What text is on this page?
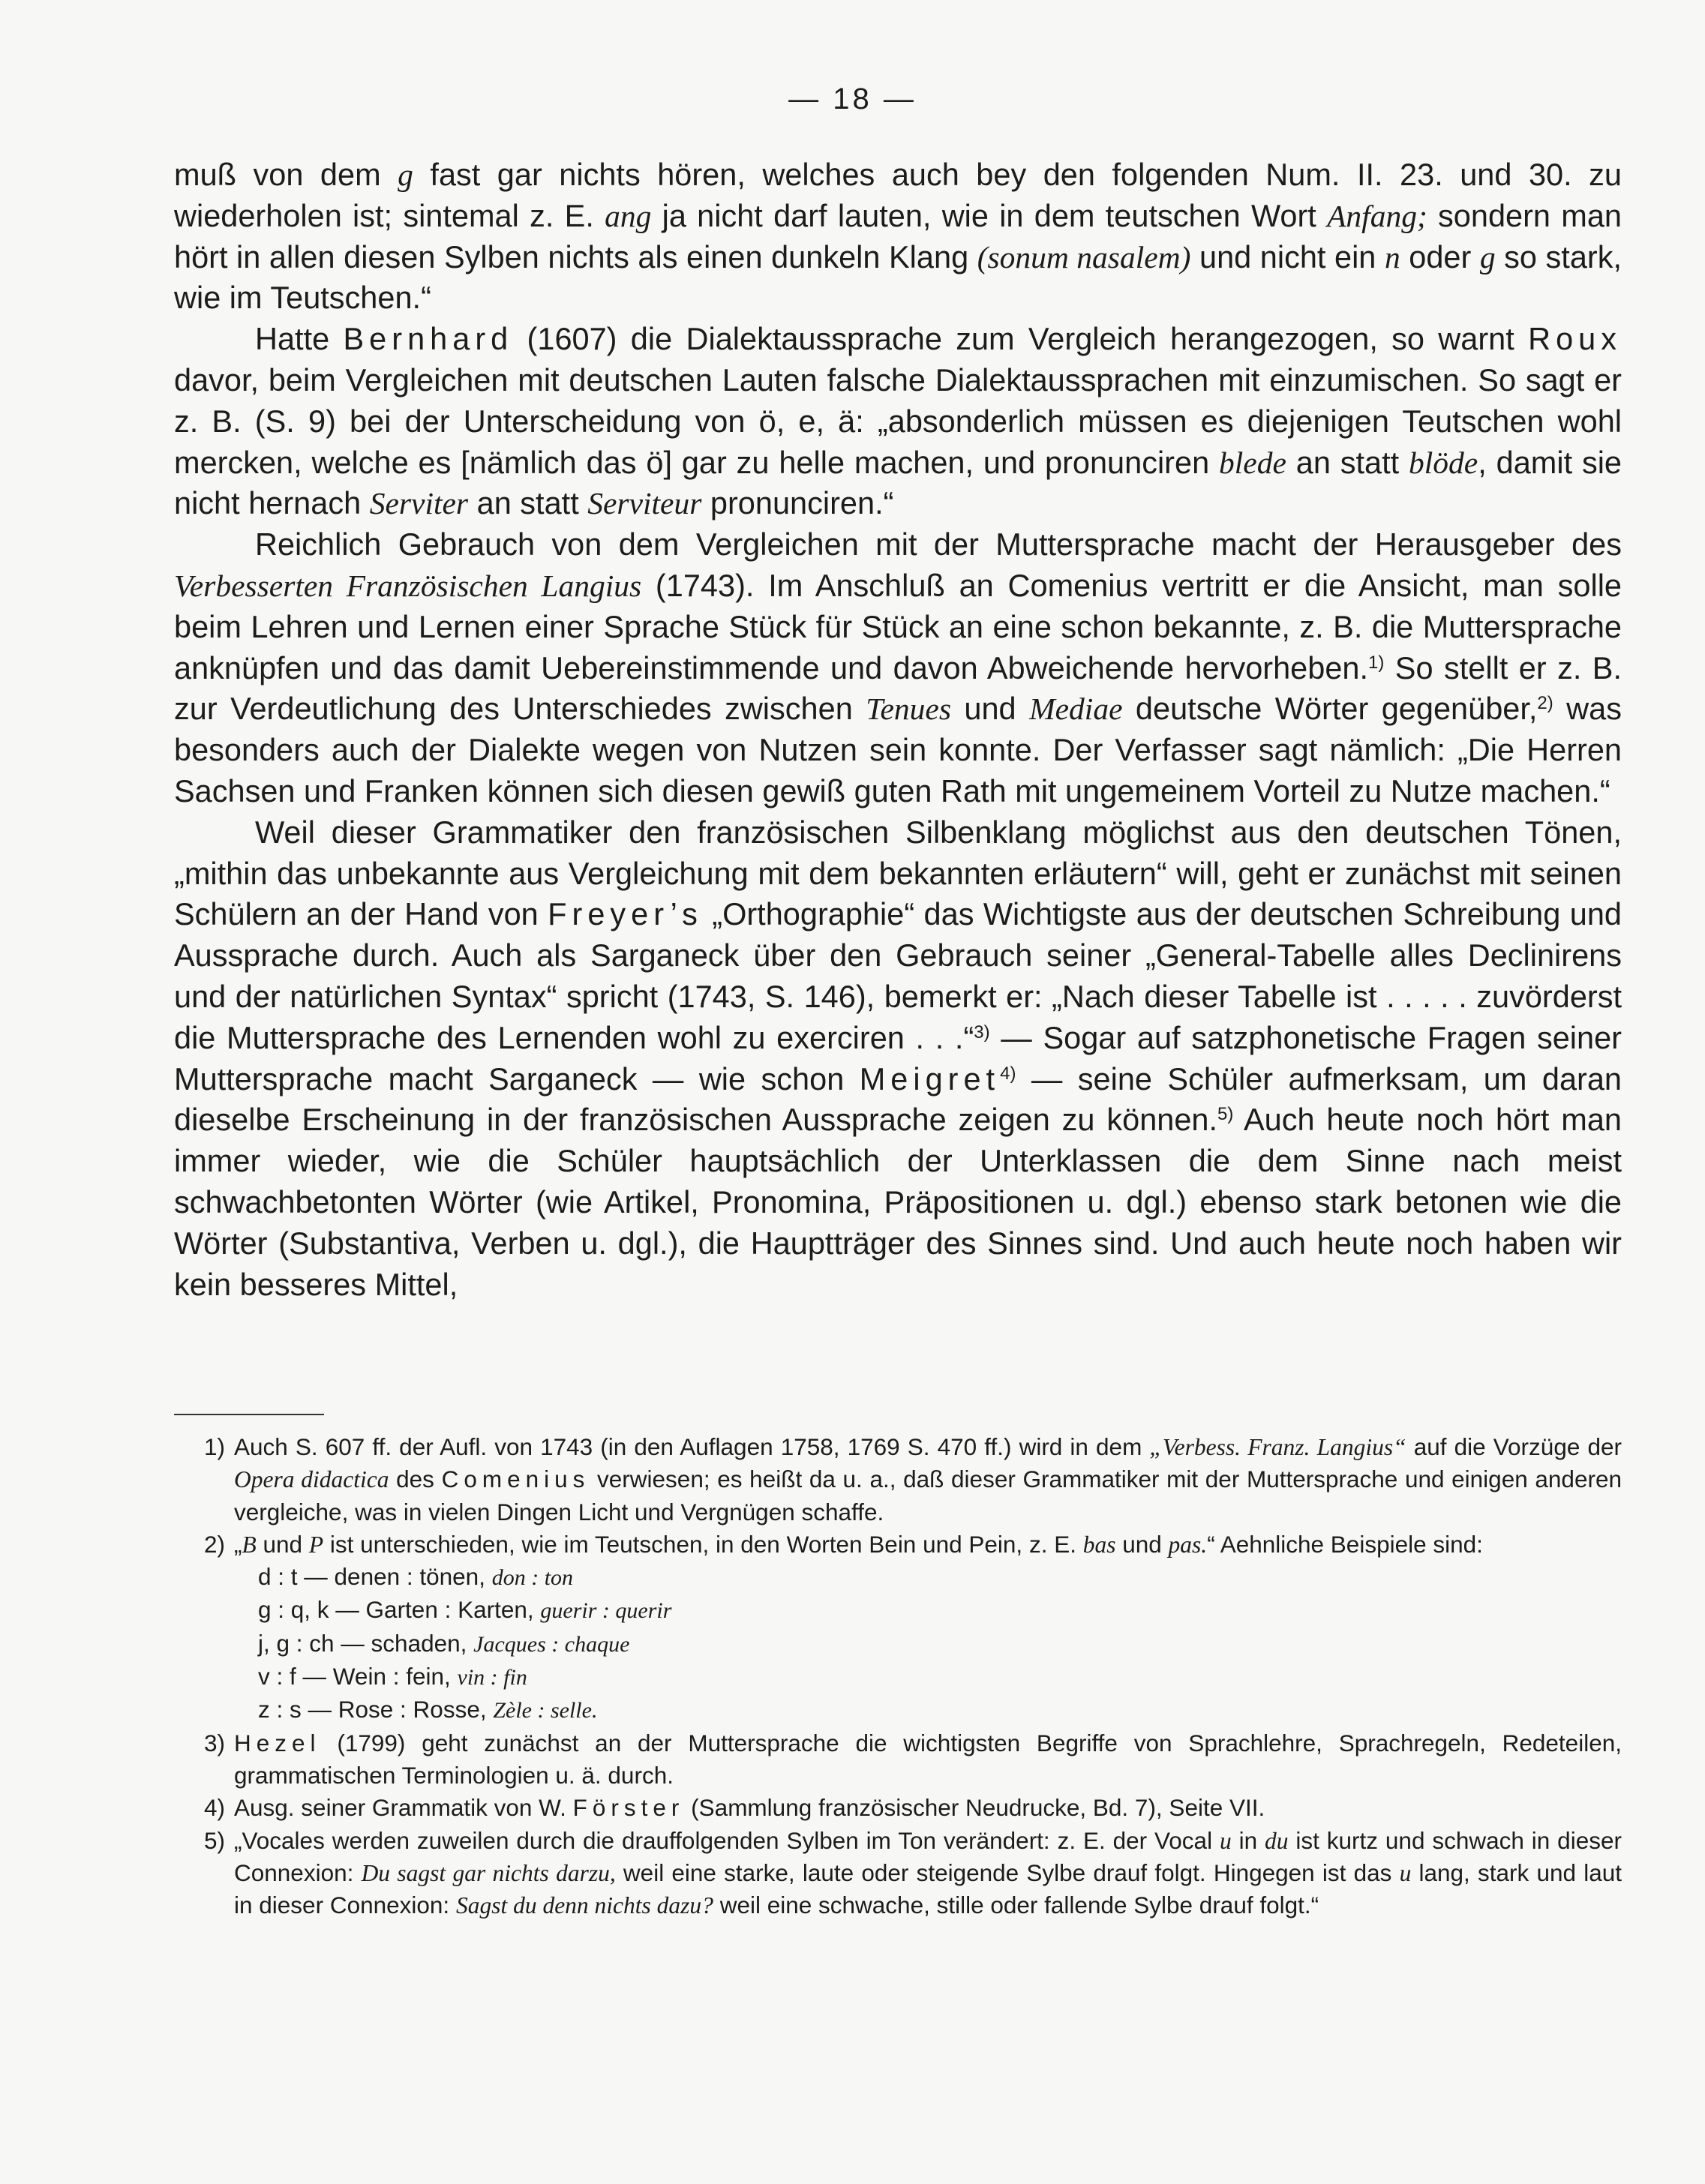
— 18 —

muß von dem g fast gar nichts hören, welches auch bey den folgenden Num. II. 23. und 30. zu wiederholen ist; sintemal z. E. ang ja nicht darf lauten, wie in dem teutschen Wort Anfang; sondern man hört in allen diesen Sylben nichts als einen dunkeln Klang (sonum nasalem) und nicht ein n oder g so stark, wie im Teutschen.“

Hatte Bernhard (1607) die Dialektaussprache zum Vergleich herangezogen, so warnt Roux davor, beim Vergleichen mit deutschen Lauten falsche Dialektaussprachen mit einzumischen. So sagt er z. B. (S. 9) bei der Unterscheidung von ö, e, ä: „absonderlich müssen es diejenigen Teutschen wohl mercken, welche es [nämlich das ö] gar zu helle machen, und pronunciren blede an statt blöde, damit sie nicht hernach Serviter an statt Serviteur pronunciren.“

Reichlich Gebrauch von dem Vergleichen mit der Muttersprache macht der Herausgeber des Verbesserten Französischen Langius (1743). Im Anschluß an Comenius vertritt er die Ansicht, man solle beim Lehren und Lernen einer Sprache Stück für Stück an eine schon bekannte, z. B. die Muttersprache anknüpfen und das damit Uebereinstimmende und davon Abweichende hervorheben.$^{1)}$ So stellt er z. B. zur Verdeutlichung des Unterschiedes zwischen Tenues und Mediae deutsche Wörter gegenüber,$^{2)}$ was besonders auch der Dialekte wegen von Nutzen sein konnte. Der Verfasser sagt nämlich: „Die Herren Sachsen und Franken können sich diesen gewiß guten Rath mit ungemeinem Vorteil zu Nutze machen.“

Weil dieser Grammatiker den französischen Silbenklang möglichst aus den deutschen Tönen, „mithin das unbekannte aus Vergleichung mit dem bekannten erläutern“ will, geht er zunächst mit seinen Schülern an der Hand von Freyer’s „Orthographie“ das Wichtigste aus der deutschen Schreibung und Aussprache durch. Auch als Sarganeck über den Gebrauch seiner „General-Tabelle alles Declinirens und der natürlichen Syntax“ spricht (1743, S. 146), bemerkt er: „Nach dieser Tabelle ist . . . . . zuvörderst die Muttersprache des Lernenden wohl zu exerciren . . .“$^{3)}$ — Sogar auf satzphonetische Fragen seiner Muttersprache macht Sarganeck — wie schon Meigret$^{4)}$ — seine Schüler aufmerksam, um daran dieselbe Erscheinung in der französischen Aussprache zeigen zu können.$^{5)}$ Auch heute noch hört man immer wieder, wie die Schüler hauptsächlich der Unterklassen die dem Sinne nach meist schwachbetonten Wörter (wie Artikel, Pronomina, Präpositionen u. dgl.) ebenso stark betonen wie die Wörter (Substantiva, Verben u. dgl.), die Hauptträger des Sinnes sind. Und auch heute noch haben wir kein besseres Mittel,

1) Auch S. 607 ff. der Aufl. von 1743 (in den Auflagen 1758, 1769 S. 470 ff.) wird in dem „Verbess. Franz. Langius“ auf die Vorzüge der Opera didactica des Comenius verwiesen; es heißt da u. a., daß dieser Grammatiker mit der Muttersprache und einigen anderen vergleiche, was in vielen Dingen Licht und Vergnügen schaffe.
2) „B und P ist unterschieden, wie im Teutschen, in den Worten Bein und Pein, z. E. bas und pas.“ Aehnliche Beispiele sind:
d : t — denen : tönen, don : ton
g : q, k — Garten : Karten, guerir : querir
j, g : ch — schaden, Jacques : chaque
v : f — Wein : fein, vin : fin
z : s — Rose : Rosse, Zèle : selle.
3) Hezel (1799) geht zunächst an der Muttersprache die wichtigsten Begriffe von Sprachlehre, Sprachregeln, Redeteilen, grammatischen Terminologien u. ä. durch.
4) Ausg. seiner Grammatik von W. Förster (Sammlung französischer Neudrucke, Bd. 7), Seite VII.
5) „Vocales werden zuweilen durch die drauffolgenden Sylben im Ton verändert: z. E. der Vocal u in du ist kurtz und schwach in dieser Connexion: Du sagst gar nichts darzu, weil eine starke, laute oder steigende Sylbe drauf folgt. Hingegen ist das u lang, stark und laut in dieser Connexion: Sagst du denn nichts dazu? weil eine schwache, stille oder fallende Sylbe drauf folgt.“
